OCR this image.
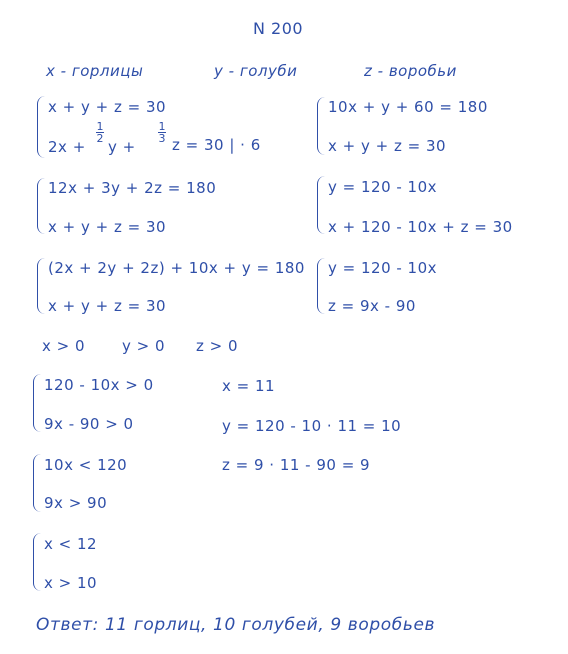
N 200
x - горлицы	y - голуби	z - воробьи
x + y + z = 30
2x +
$\frac{1}{2}$
y +
$\frac{1}{3}$
z = 30 | · 6
12x + 3y + 2z = 180
x + y + z = 30
(2x + 2y + 2z) + 10x + y = 180
x + y + z = 30
10x + y + 60 = 180
x + y + z = 30
y = 120 - 10x
x + 120 - 10x + z = 30
y = 120 - 10x
z = 9x - 90
x > 0 y > 0 z > 0
120 - 10x > 0
9x - 90 > 0
10x < 120
9x > 90
x < 12
x > 10
x = 11
y = 120 - 10 · 11 = 10
z = 9 · 11 - 90 = 9
Ответ: 11 горлиц, 10 голубей, 9 воробьев
